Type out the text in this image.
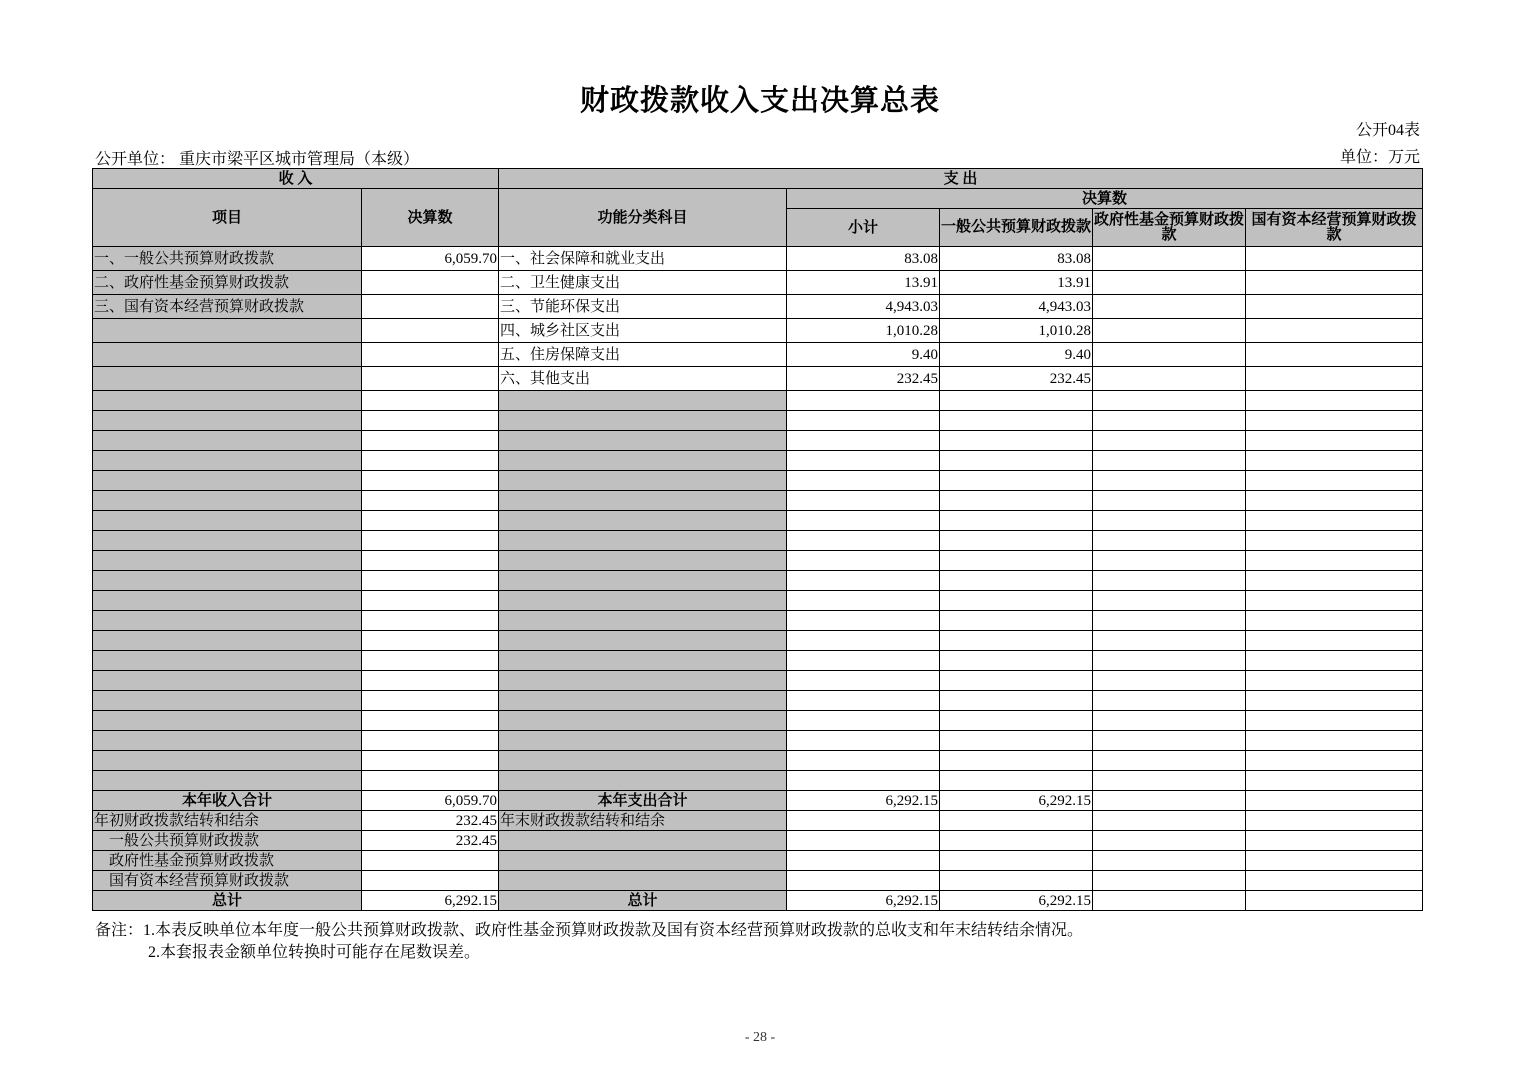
财政拨款收入支出决算总表
公开04表
公开单位： 重庆市梁平区城市管理局（本级）	单位：万元
收 入		支 出				
项目	决算数	功能分类科目	决算数			
			小计	一般公共预算财政拨款	政府性基金预算财政拨款	国有资本经营预算财政拨款
一、一般公共预算财政拨款	6,059.70	一、社会保障和就业支出	83.08	83.08		
二、政府性基金预算财政拨款		二、卫生健康支出	13.91	13.91		
三、国有资本经营预算财政拨款		三、节能环保支出	4,943.03	4,943.03		
		四、城乡社区支出	1,010.28	1,010.28		
		五、住房保障支出	9.40	9.40		
		六、其他支出	232.45	232.45		

本年收入合计	6,059.70	本年支出合计	6,292.15	6,292.15		
年初财政拨款结转和结余	232.45	年末财政拨款结转和结余				
一般公共预算财政拨款	232.45					
政府性基金预算财政拨款						
国有资本经营预算财政拨款						
总计	6,292.15	总计	6,292.15	6,292.15		
备注：1.本表反映单位本年度一般公共预算财政拨款、政府性基金预算财政拨款及国有资本经营预算财政拨款的总收支和年末结转结余情况。
2.本套报表金额单位转换时可能存在尾数误差。
- 28 -
